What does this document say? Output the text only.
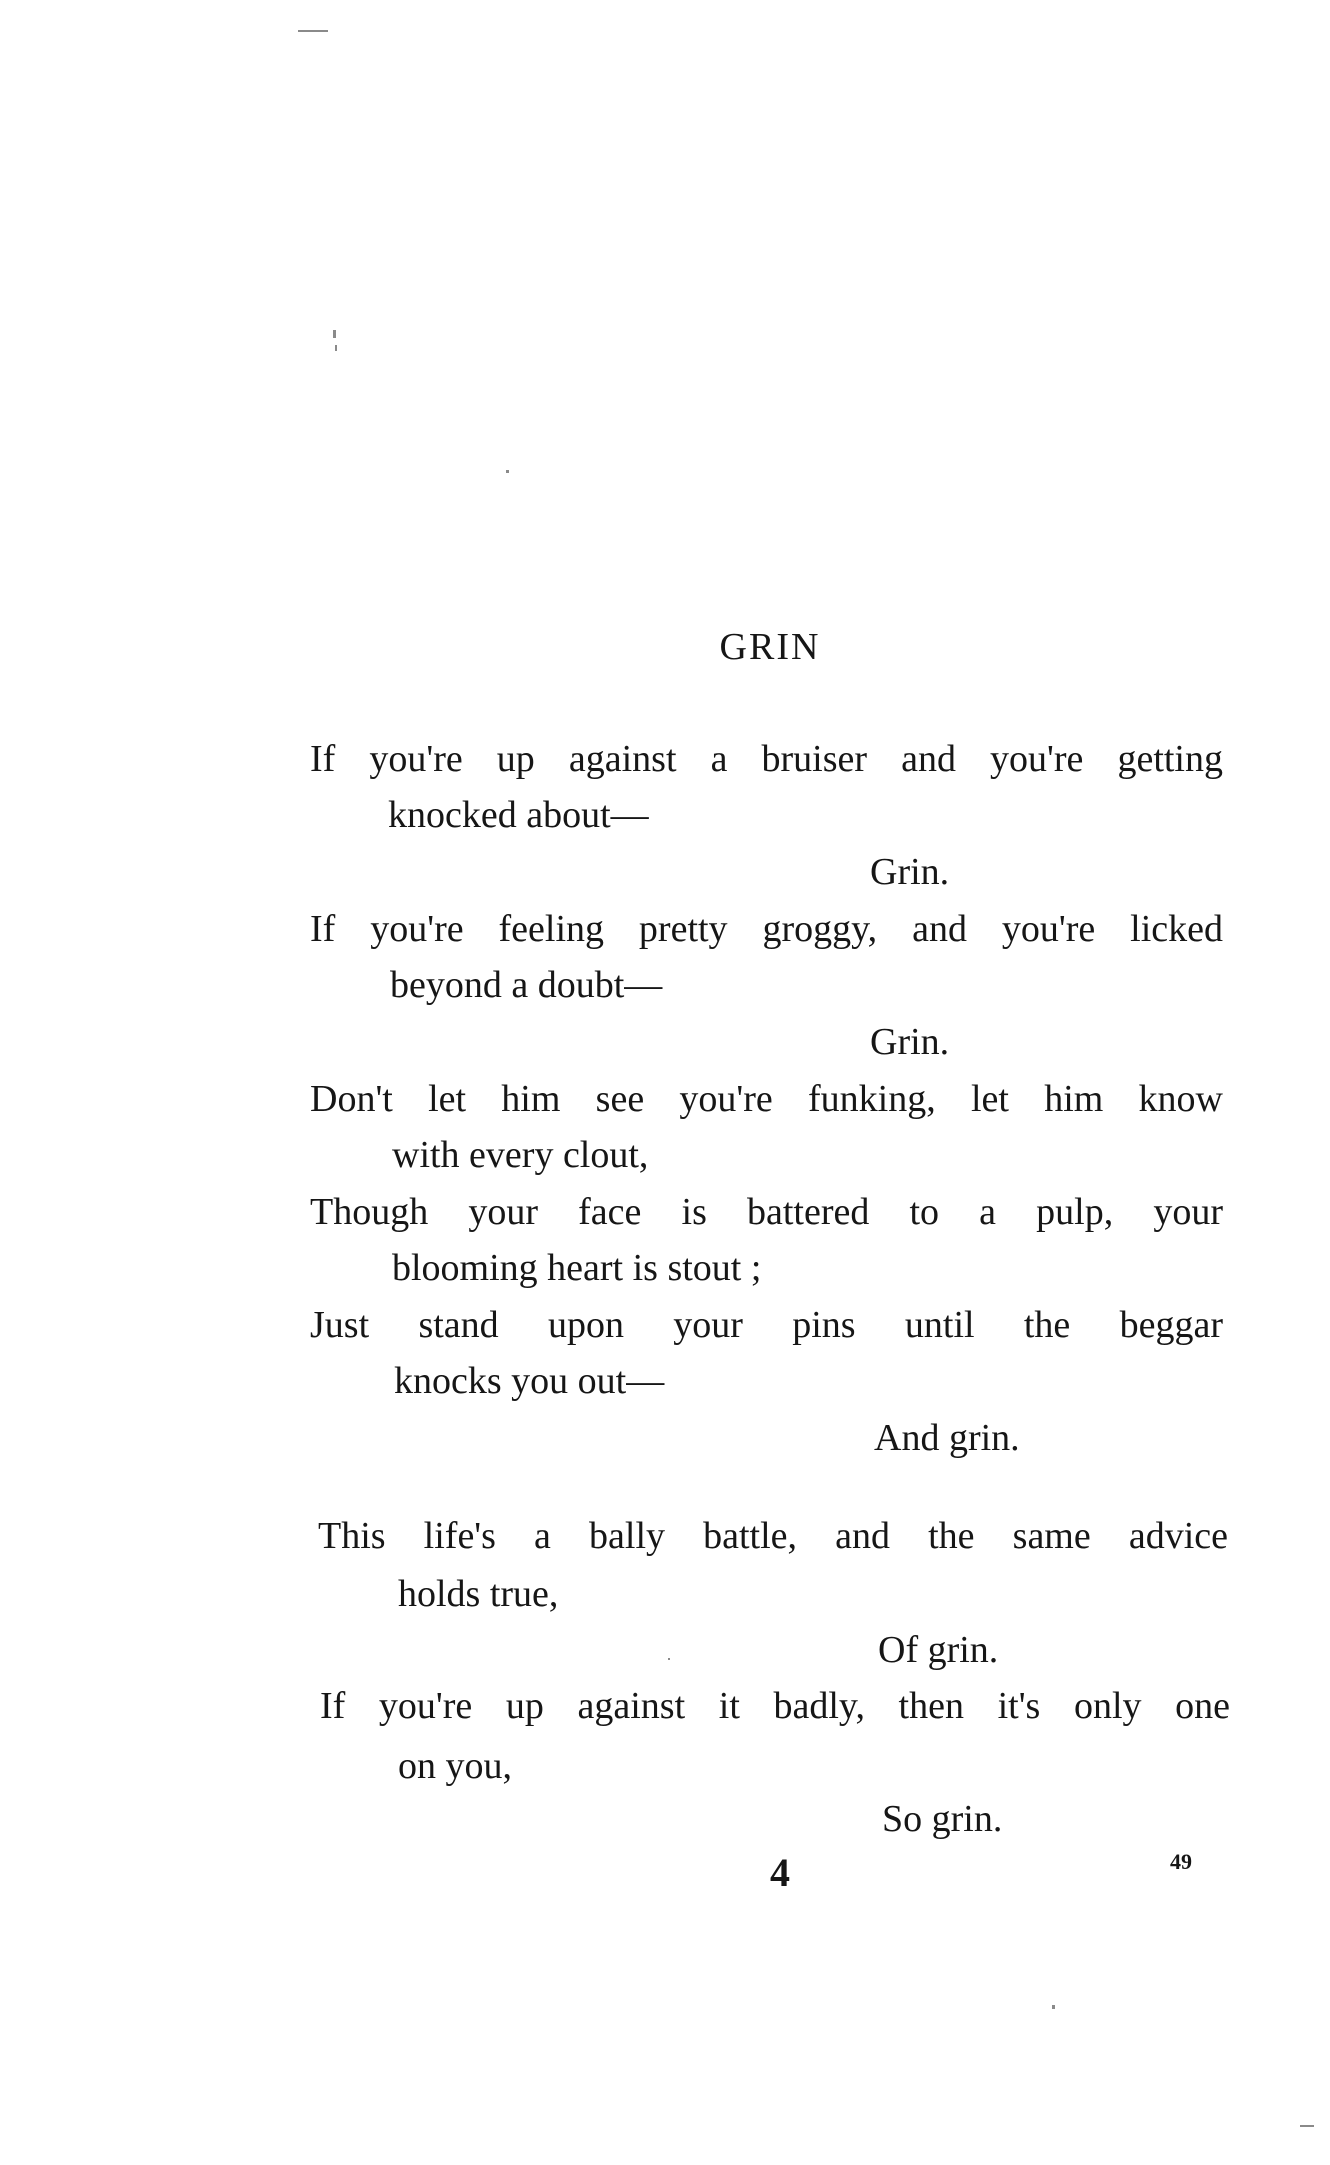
GRIN
If you're up against a bruiser and you're getting
knocked about—
Grin.
If you're feeling pretty groggy, and you're licked
beyond a doubt—
Grin.
Don't let him see you're funking, let him know
with every clout,
Though your face is battered to a pulp, your
blooming heart is stout ;
Just stand upon your pins until the beggar
knocks you out—
And grin.
This life's a bally battle, and the same advice
holds true,
Of grin.
If you're up against it badly, then it's only one
on you,
So grin.
4	49
